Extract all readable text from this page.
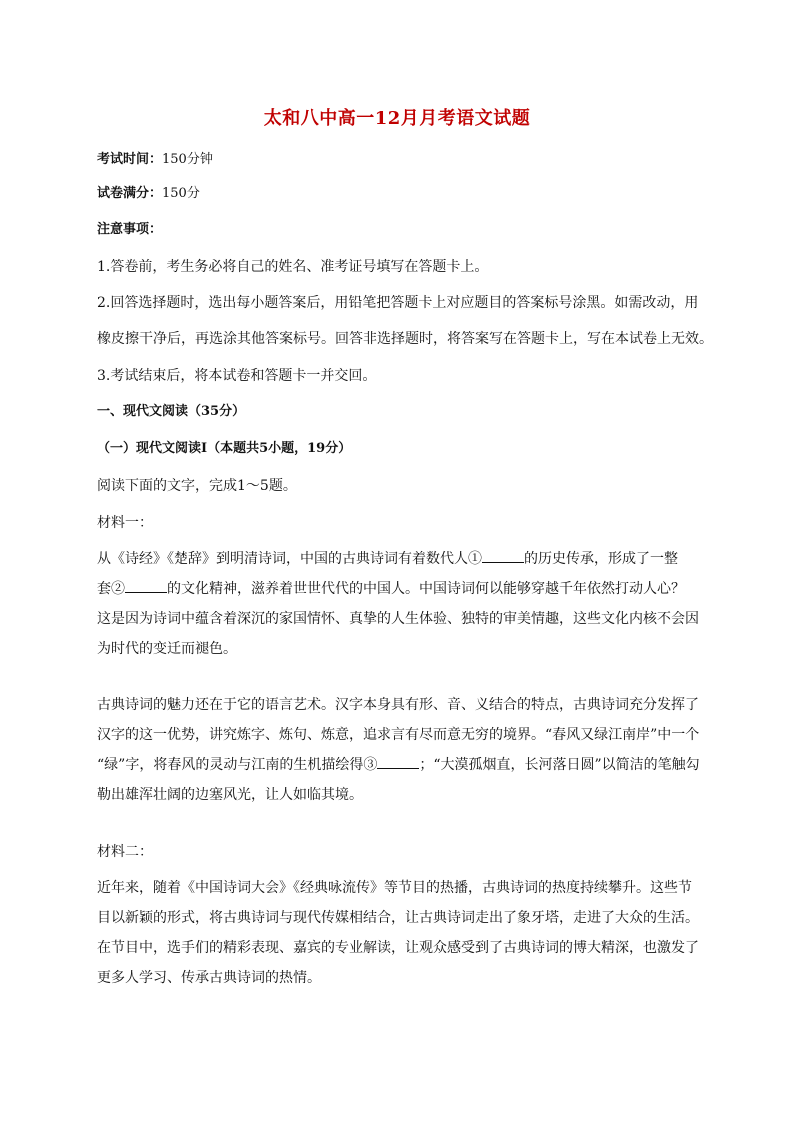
太和八中高一12月月考语文试题
考试时间：150分钟
试卷满分：150分
注意事项：
1.答卷前，考生务必将自己的姓名、准考证号填写在答题卡上。
2.回答选择题时，选出每小题答案后，用铅笔把答题卡上对应题目的答案标号涂黑。如需改动，用
橡皮擦干净后，再选涂其他答案标号。回答非选择题时，将答案写在答题卡上，写在本试卷上无效。
3.考试结束后，将本试卷和答题卡一并交回。
一、现代文阅读（35分）
（一）现代文阅读Ⅰ（本题共5小题，19分）
阅读下面的文字，完成1～5题。
材料一：
从《诗经》《楚辞》到明清诗词，中国的古典诗词有着数代人①	的历史传承，形成了一整
套②	的文化精神，滋养着世世代代的中国人。中国诗词何以能够穿越千年依然打动人心？
这是因为诗词中蕴含着深沉的家国情怀、真挚的人生体验、独特的审美情趣，这些文化内核不会因
为时代的变迁而褪色。
古典诗词的魅力还在于它的语言艺术。汉字本身具有形、音、义结合的特点，古典诗词充分发挥了
汉字的这一优势，讲究炼字、炼句、炼意，追求言有尽而意无穷的境界。“春风又绿江南岸”中一个
“绿”字，将春风的灵动与江南的生机描绘得③	；“大漠孤烟直，长河落日圆”以简洁的笔触勾
勒出雄浑壮阔的边塞风光，让人如临其境。
材料二：
近年来，随着《中国诗词大会》《经典咏流传》等节目的热播，古典诗词的热度持续攀升。这些节
目以新颖的形式，将古典诗词与现代传媒相结合，让古典诗词走出了象牙塔，走进了大众的生活。
在节目中，选手们的精彩表现、嘉宾的专业解读，让观众感受到了古典诗词的博大精深，也激发了
更多人学习、传承古典诗词的热情。
